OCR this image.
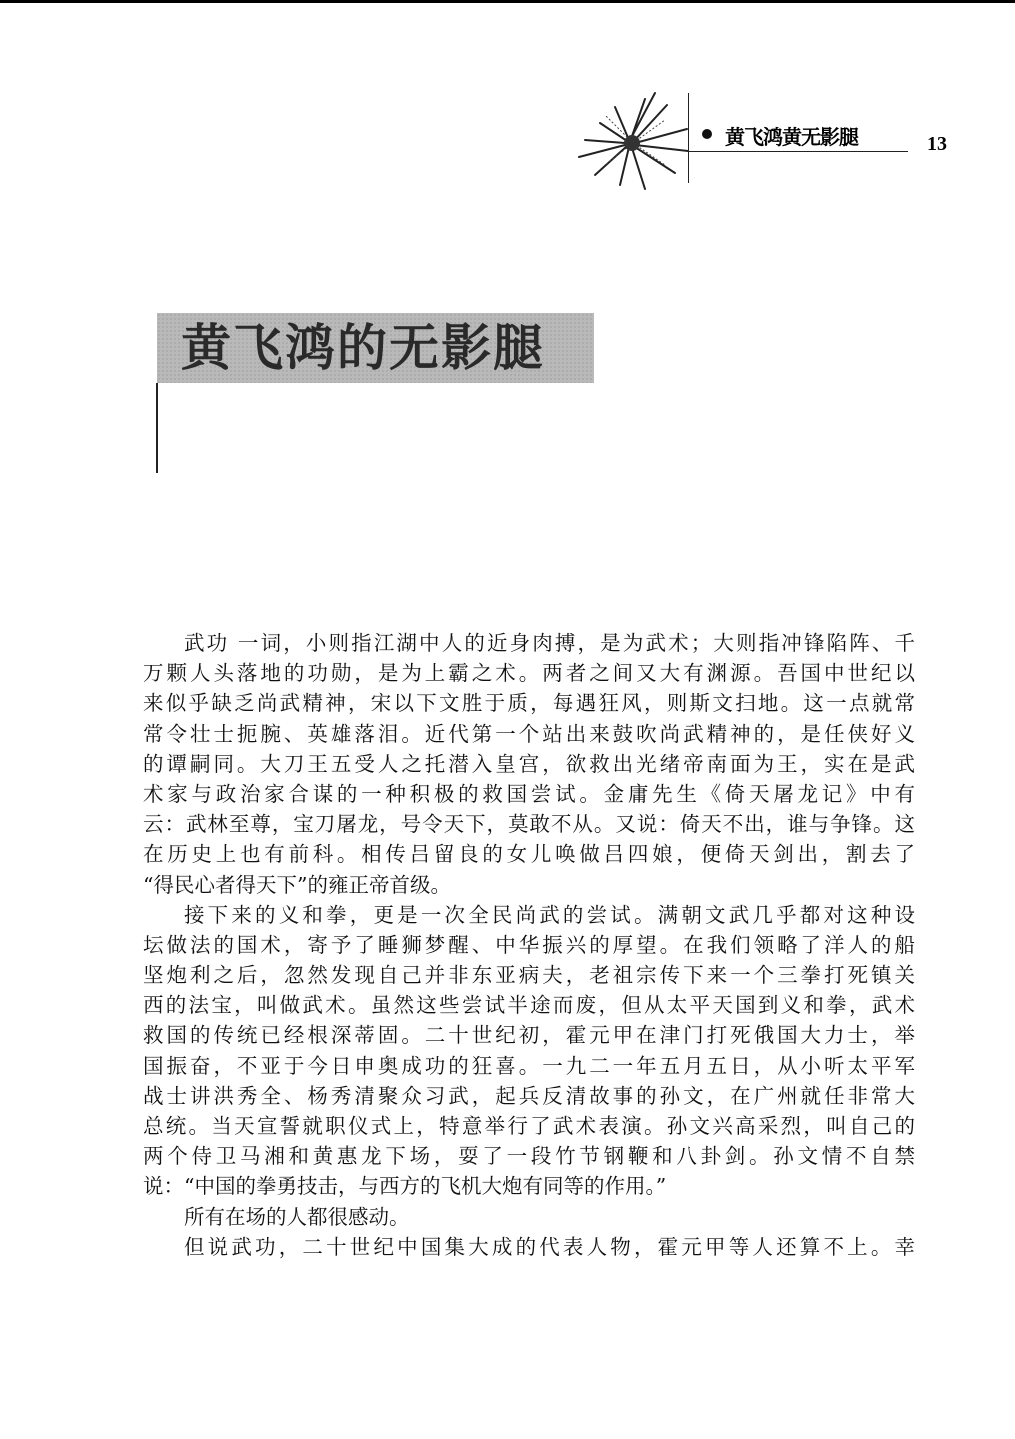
黄飞鸿黄无影腿	13
黄飞鸿的无影腿
武功 一词，小则指江湖中人的近身肉搏，是为武术；大则指冲锋陷阵、千
万颗人头落地的功勋，是为上霸之术。两者之间又大有渊源。吾国中世纪以
来似乎缺乏尚武精神，宋以下文胜于质，每遇狂风，则斯文扫地。这一点就常
常令壮士扼腕、英雄落泪。近代第一个站出来鼓吹尚武精神的，是任侠好义
的谭嗣同。大刀王五受人之托潜入皇宫，欲救出光绪帝南面为王，实在是武
术家与政治家合谋的一种积极的救国尝试。金庸先生《倚天屠龙记》中有
云：武林至尊，宝刀屠龙，号令天下，莫敢不从。又说：倚天不出，谁与争锋。这
在历史上也有前科。相传吕留良的女儿唤做吕四娘，便倚天剑出，割去了
“得民心者得天下”的雍正帝首级。
接下来的义和拳，更是一次全民尚武的尝试。满朝文武几乎都对这种设
坛做法的国术，寄予了睡狮梦醒、中华振兴的厚望。在我们领略了洋人的船
坚炮利之后，忽然发现自己并非东亚病夫，老祖宗传下来一个三拳打死镇关
西的法宝，叫做武术。虽然这些尝试半途而废，但从太平天国到义和拳，武术
救国的传统已经根深蒂固。二十世纪初，霍元甲在津门打死俄国大力士，举
国振奋，不亚于今日申奥成功的狂喜。一九二一年五月五日，从小听太平军
战士讲洪秀全、杨秀清聚众习武，起兵反清故事的孙文，在广州就任非常大
总统。当天宣誓就职仪式上，特意举行了武术表演。孙文兴高采烈，叫自己的
两个侍卫马湘和黄惠龙下场，耍了一段竹节钢鞭和八卦剑。孙文情不自禁
说：“中国的拳勇技击，与西方的飞机大炮有同等的作用。”
所有在场的人都很感动。
但说武功，二十世纪中国集大成的代表人物，霍元甲等人还算不上。幸
